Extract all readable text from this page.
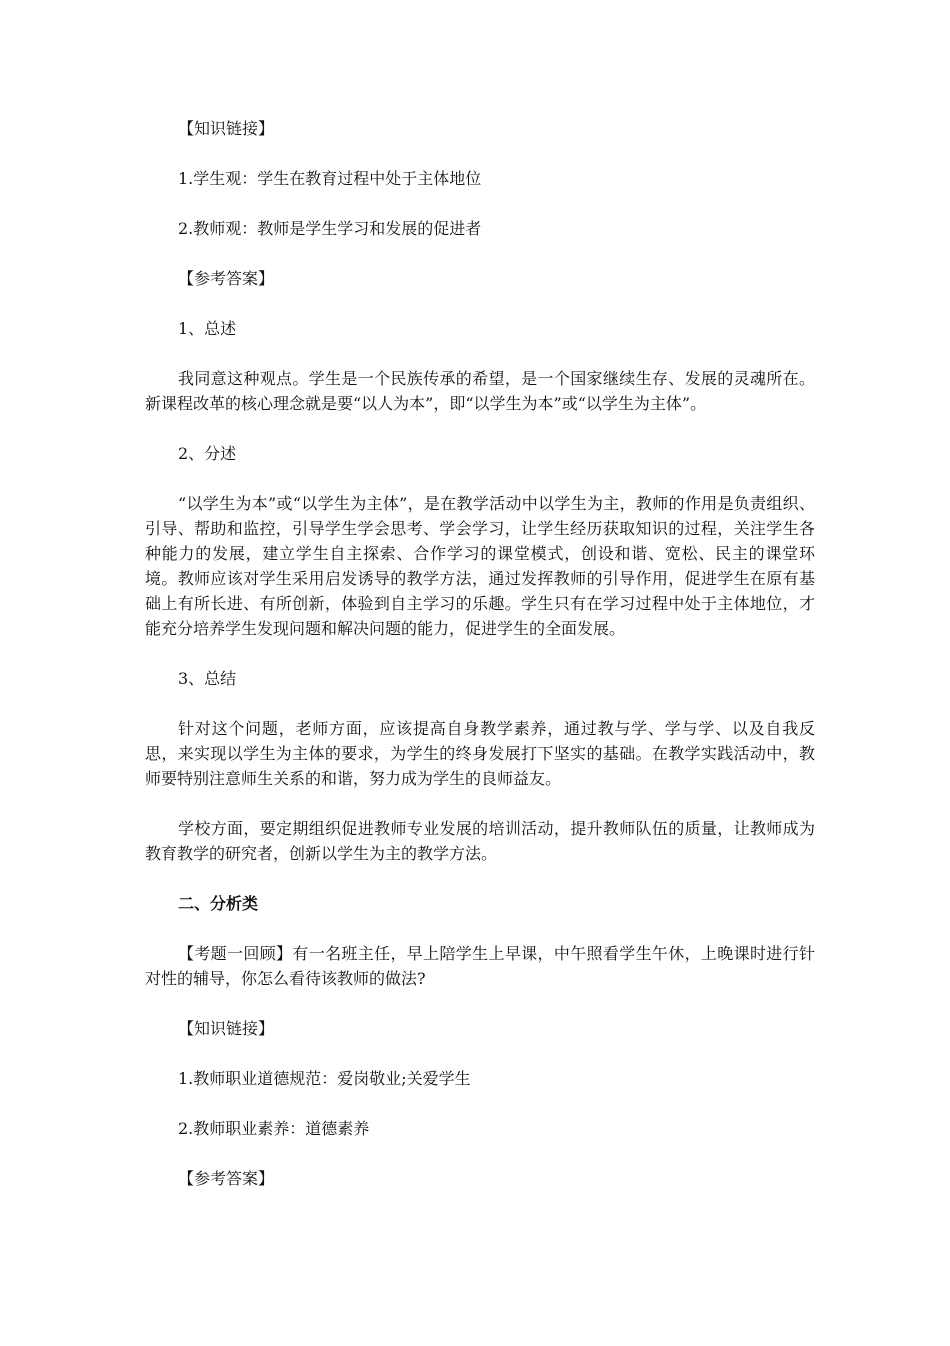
【知识链接】

1.学生观：学生在教育过程中处于主体地位

2.教师观：教师是学生学习和发展的促进者

【参考答案】

1、总述

我同意这种观点。学生是一个民族传承的希望，是一个国家继续生存、发展的灵魂所在。新课程改革的核心理念就是要“以人为本”，即“以学生为本”或“以学生为主体”。

2、分述

“以学生为本”或“以学生为主体”，是在教学活动中以学生为主，教师的作用是负责组织、引导、帮助和监控，引导学生学会思考、学会学习，让学生经历获取知识的过程，关注学生各种能力的发展，建立学生自主探索、合作学习的课堂模式，创设和谐、宽松、民主的课堂环境。教师应该对学生采用启发诱导的教学方法，通过发挥教师的引导作用，促进学生在原有基础上有所长进、有所创新，体验到自主学习的乐趣。学生只有在学习过程中处于主体地位，才能充分培养学生发现问题和解决问题的能力，促进学生的全面发展。

3、总结

针对这个问题，老师方面，应该提高自身教学素养，通过教与学、学与学、以及自我反思，来实现以学生为主体的要求，为学生的终身发展打下坚实的基础。在教学实践活动中，教师要特别注意师生关系的和谐，努力成为学生的良师益友。

学校方面，要定期组织促进教师专业发展的培训活动，提升教师队伍的质量，让教师成为教育教学的研究者，创新以学生为主的教学方法。

二、分析类

【考题一回顾】有一名班主任，早上陪学生上早课，中午照看学生午休，上晚课时进行针对性的辅导，你怎么看待该教师的做法?

【知识链接】

1.教师职业道德规范：爱岗敬业;关爱学生

2.教师职业素养：道德素养

【参考答案】
